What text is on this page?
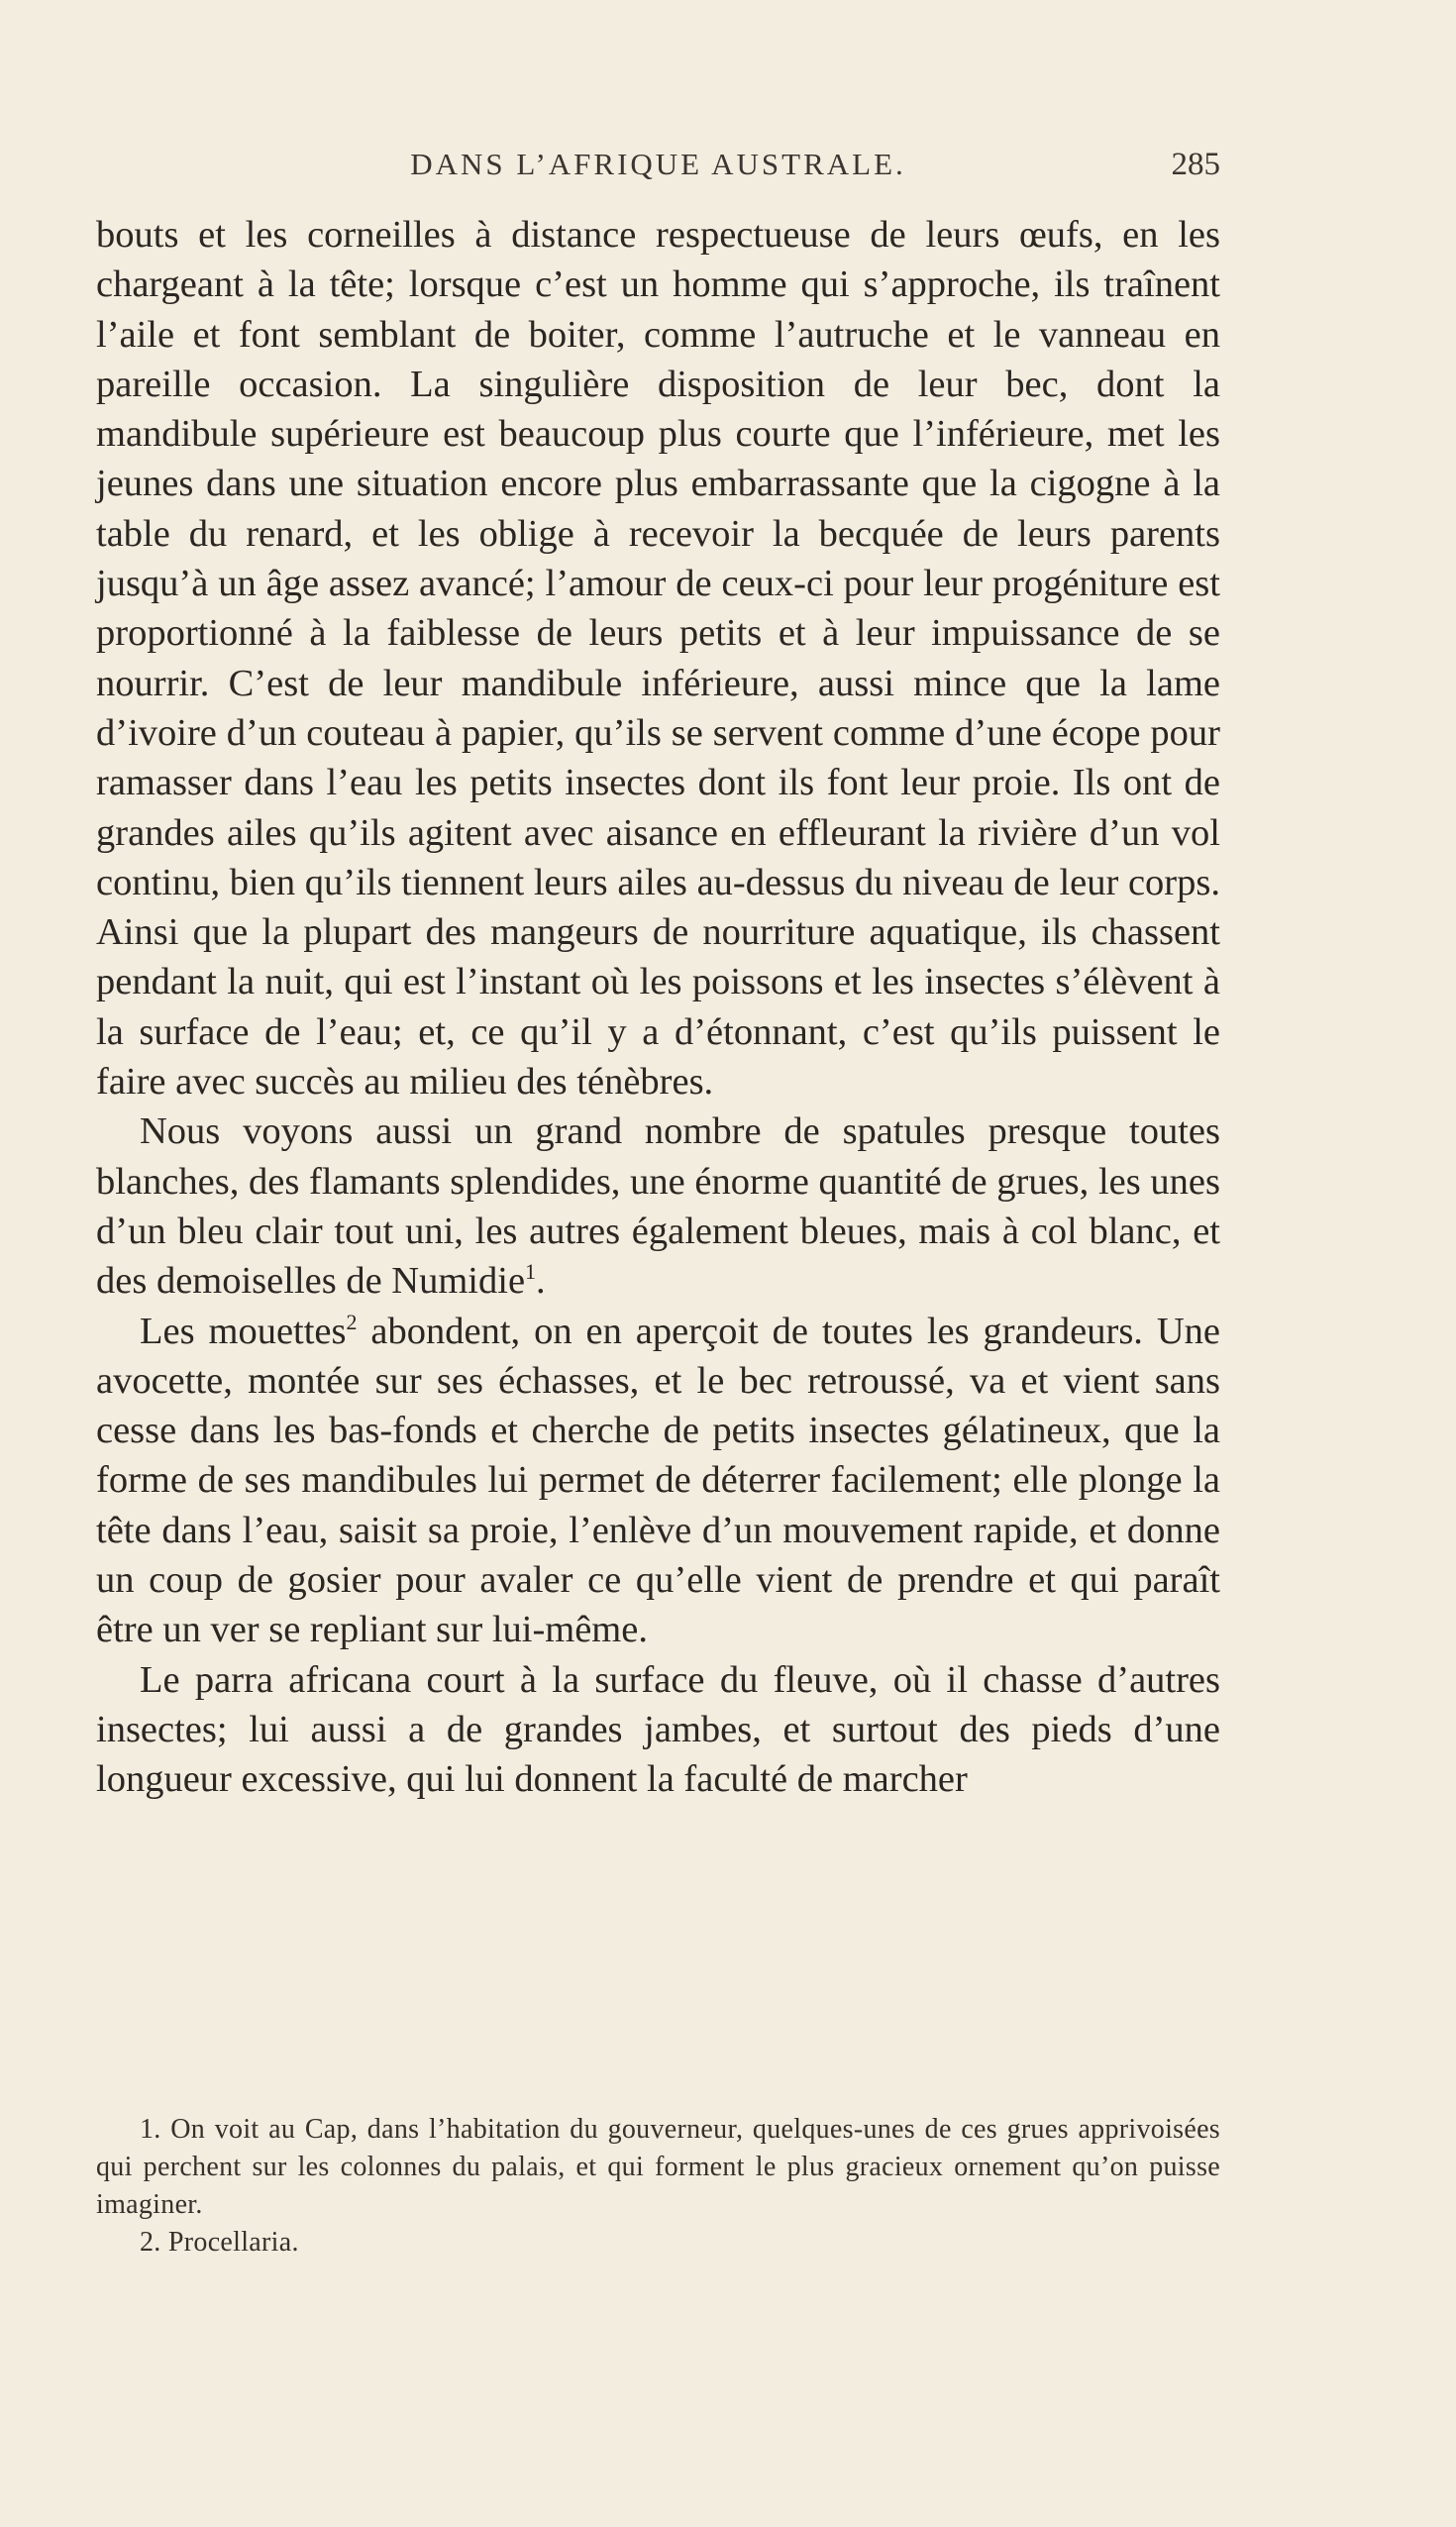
DANS L’AFRIQUE AUSTRALE.	285

bouts et les corneilles à distance respectueuse de leurs œufs, en les chargeant à la tête; lorsque c’est un homme qui s’approche, ils traînent l’aile et font semblant de boiter, comme l’autruche et le vanneau en pareille occasion. La singulière disposition de leur bec, dont la mandibule supérieure est beaucoup plus courte que l’inférieure, met les jeunes dans une situation encore plus embarrassante que la cigogne à la table du renard, et les oblige à recevoir la becquée de leurs parents jusqu’à un âge assez avancé; l’amour de ceux-ci pour leur progéniture est proportionné à la faiblesse de leurs petits et à leur impuissance de se nourrir. C’est de leur mandibule inférieure, aussi mince que la lame d’ivoire d’un couteau à papier, qu’ils se servent comme d’une écope pour ramasser dans l’eau les petits insectes dont ils font leur proie. Ils ont de grandes ailes qu’ils agitent avec aisance en effleurant la rivière d’un vol continu, bien qu’ils tiennent leurs ailes au-dessus du niveau de leur corps. Ainsi que la plupart des mangeurs de nourriture aquatique, ils chassent pendant la nuit, qui est l’instant où les poissons et les insectes s’élèvent à la surface de l’eau; et, ce qu’il y a d’étonnant, c’est qu’ils puissent le faire avec succès au milieu des ténèbres.

Nous voyons aussi un grand nombre de spatules presque toutes blanches, des flamants splendides, une énorme quantité de grues, les unes d’un bleu clair tout uni, les autres également bleues, mais à col blanc, et des demoiselles de Numidie$^1$.

Les mouettes$^2$ abondent, on en aperçoit de toutes les grandeurs. Une avocette, montée sur ses échasses, et le bec retroussé, va et vient sans cesse dans les bas-fonds et cherche de petits insectes gélatineux, que la forme de ses mandibules lui permet de déterrer facilement; elle plonge la tête dans l’eau, saisit sa proie, l’enlève d’un mouvement rapide, et donne un coup de gosier pour avaler ce qu’elle vient de prendre et qui paraît être un ver se repliant sur lui-même.

Le parra africana court à la surface du fleuve, où il chasse d’autres insectes; lui aussi a de grandes jambes, et surtout des pieds d’une longueur excessive, qui lui donnent la faculté de marcher

1. On voit au Cap, dans l’habitation du gouverneur, quelques-unes de ces grues apprivoisées qui perchent sur les colonnes du palais, et qui forment le plus gracieux ornement qu’on puisse imaginer.

2. Procellaria.
